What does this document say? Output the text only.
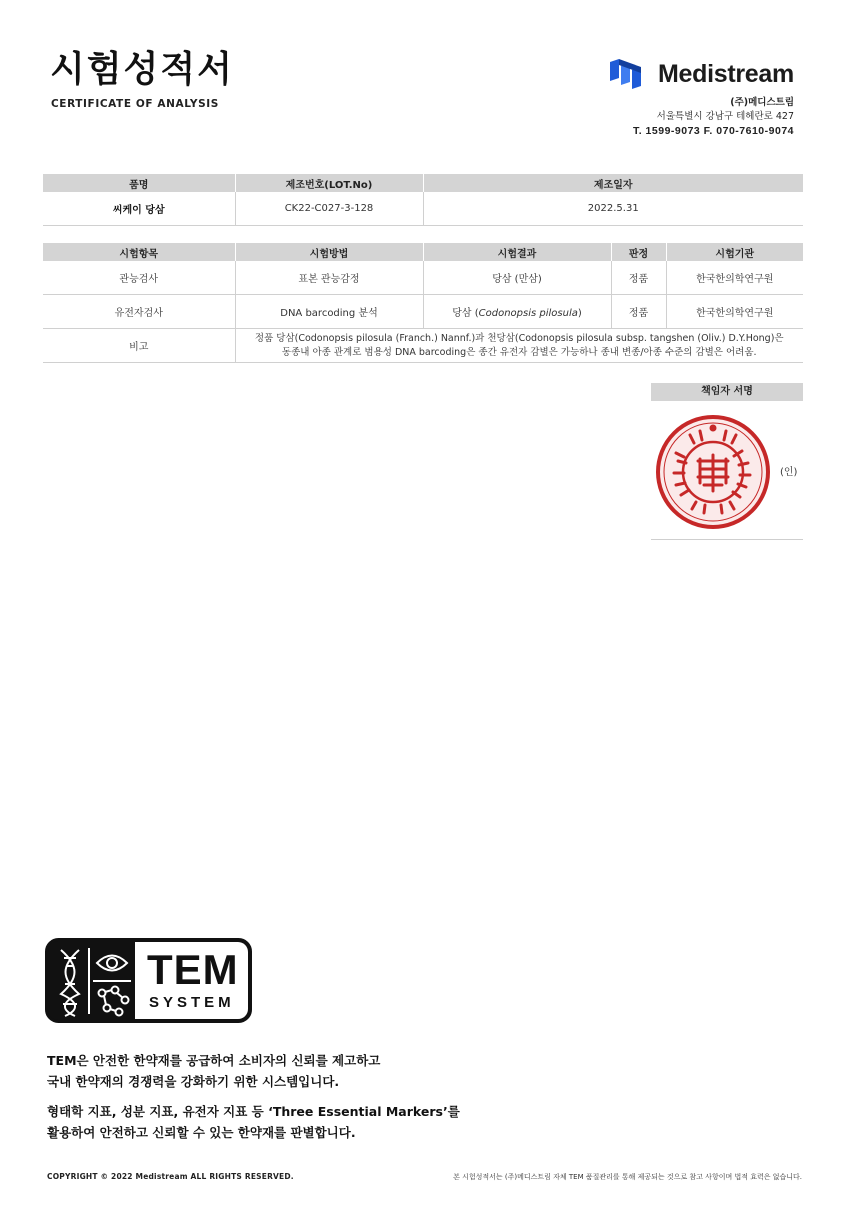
시험성적서
CERTIFICATE OF ANALYSIS
Medistream
(주)메디스트림
서울특별시 강남구 테헤란로 427
T. 1599-9073 F. 070-7610-9074
품명	제조번호(LOT.No)	제조일자
씨케이 당삼	CK22-C027-3-128	2022.5.31
시험항목	시험방법	시험결과	판정	시험기관
관능검사	표본 관능감정	당삼 (만삼)	정품	한국한의학연구원
유전자검사	DNA barcoding 분석	당삼 (Codonopsis pilosula)	정품	한국한의학연구원
비고	정품 당삼(Codonopsis pilosula (Franch.) Nannf.)과 천당삼(Codonopsis pilosula subsp. tangshen (Oliv.) D.Y.Hong)은
동종내 아종 관계로 범용성 DNA barcoding은 종간 유전자 감별은 가능하나 종내 변종/아종 수준의 감별은 어려움.			
책임자 서명
(인)
TEM
SYSTEM
TEM은 안전한 한약재를 공급하여 소비자의 신뢰를 제고하고
국내 한약재의 경쟁력을 강화하기 위한 시스템입니다.
형태학 지표, 성분 지표, 유전자 지표 등 ‘Three Essential Markers’를
활용하여 안전하고 신뢰할 수 있는 한약재를 판별합니다.
COPYRIGHT © 2022 Medistream ALL RIGHTS RESERVED.	본 시험성적서는 (주)메디스트림 자체 TEM 품질관리를 통해 제공되는 것으로 참고 사항이며 법적 효력은 없습니다.
